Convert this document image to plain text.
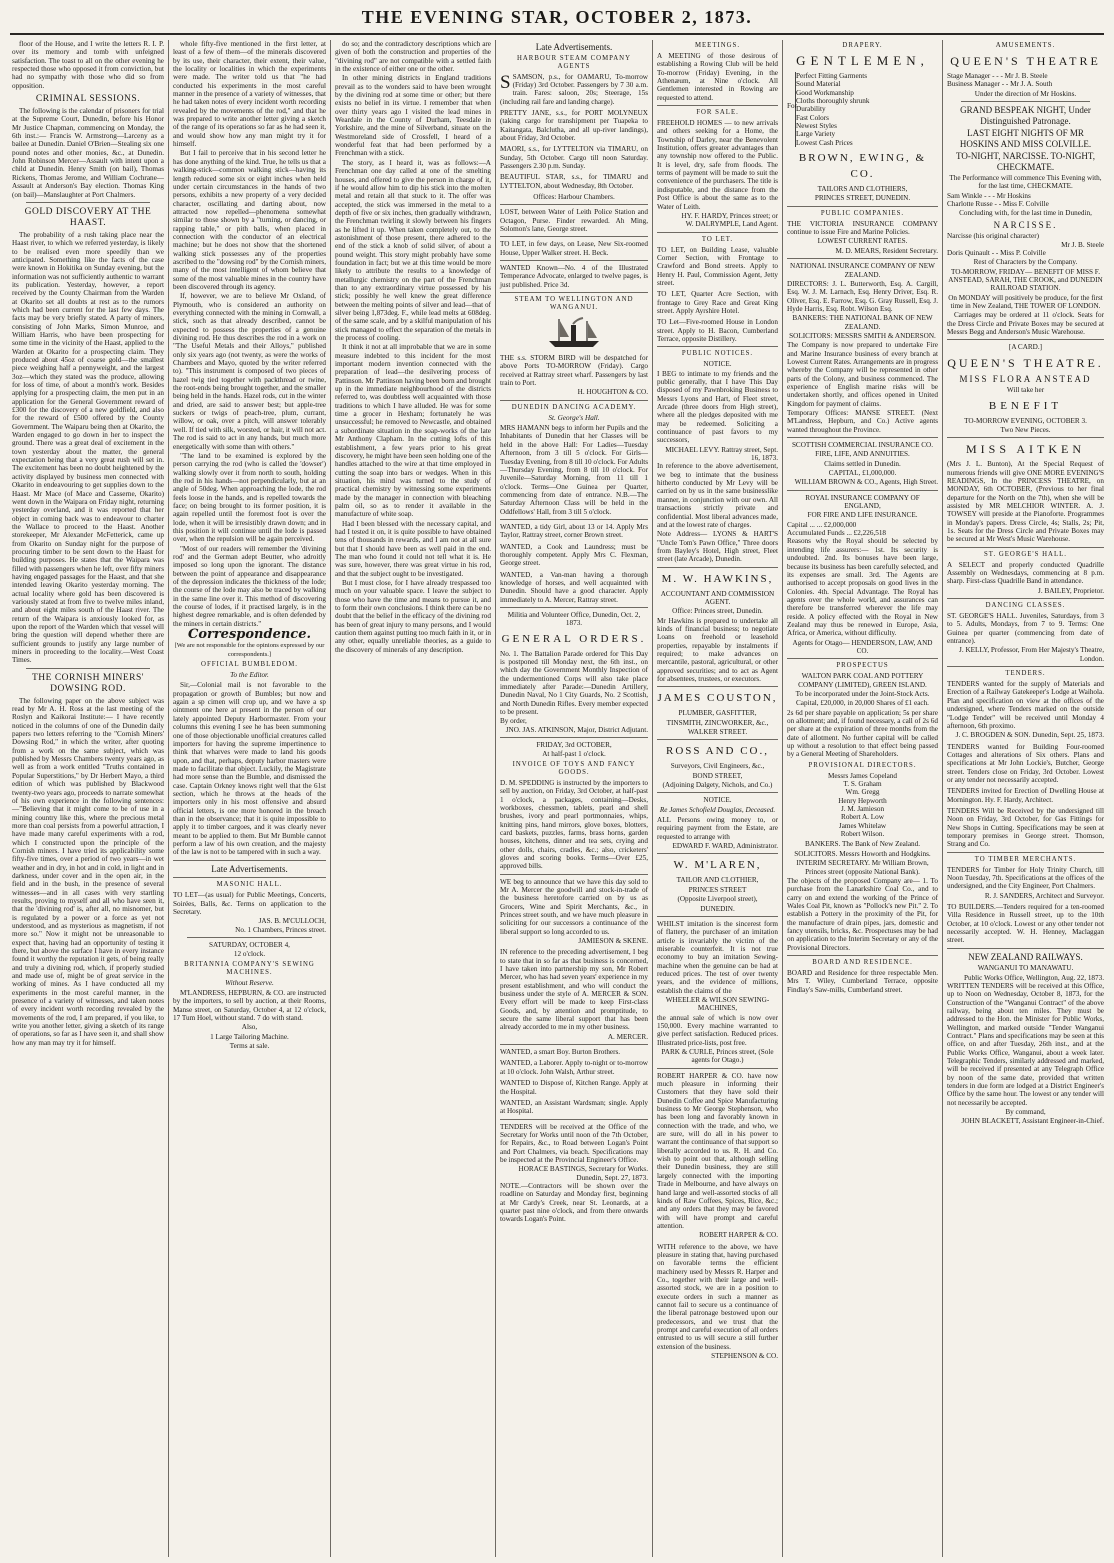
THE EVENING STAR, OCTOBER 2, 1873.

floor of the House, and I write the letters R. I. P. over its memory and tomb with unfeigned satisfaction. The toast to all on the other evening he respected those who opposed it from conviction, but had no sympathy with those who did so from opposition.

CRIMINAL SESSIONS.

The following is the calendar of prisoners for trial at the Supreme Court, Dunedin, before his Honor Mr Justice Chapman, commencing on Monday, the 6th inst.:— Francis W. Armstrong—Larceny as a bailee at Dunedin. Daniel O'Brien—Stealing six one pound notes and other monies, &c., at Dunedin. John Robinson Mercer—Assault with intent upon a child at Dunedin. Henry Smith (on bail), Thomas Rickens, Thomas Jerome, and William Cochrane—Assault at Anderson's Bay election. Thomas King (on bail)—Manslaughter at Port Chalmers.

GOLD DISCOVERY AT THE HAAST.

The probability of a rush taking place near the Haast river, to which we referred yesterday, is likely to be realised even more speedily than we anticipated. Something like the facts of the case were known in Hokitika on Sunday evening, but the information was not sufficiently authentic to warrant its publication. Yesterday, however, a report received by the County Chairman from the Warden at Okarito set all doubts at rest as to the rumors which had been current for the last few days. The facts may be very briefly stated. A party of miners, consisting of John Marks, Simon Munroe, and William Harris, who have been prospecting for some time in the vicinity of the Haast, applied to the Warden at Okarito for a prospecting claim. They produced about 45oz of coarse gold—the smallest piece weighing half a pennyweight, and the largest 3oz—which they stated was the produce, allowing for loss of time, of about a month's work. Besides applying for a prospecting claim, the men put in an application for the General Government reward of £300 for the discovery of a new goldfield, and also for the reward of £500 offered by the County Government. The Waiparu being then at Okarito, the Warden engaged to go down in her to inspect the ground. There was a great deal of excitement in the town yesterday about the matter, the general expectation being that a very great rush will set in. The excitement has been no doubt heightened by the activity displayed by business men connected with Okarito in endeavouring to get supplies down to the Haast. Mr Mace (of Mace and Casserne, Okarito) went down in the Waipara on Friday night, returning yesterday overland, and it was reported that her object in coming back was to endeavour to charter the Wallace to proceed to the Haast. Another storekeeper, Mr Alexander McFetterick, came up from Okarito on Sunday night for the purpose of procuring timber to be sent down to the Haast for building purposes. He states that the Waipara was filled with passengers when he left, over fifty miners having engaged passages for the Haast, and that she intended leaving Okarito yesterday morning. The actual locality where gold has been discovered is variously stated at from five to twelve miles inland, and about eight miles south of the Haast river. The return of the Waipara is anxiously looked for, as upon the report of the Warden which that vessel will bring the question will depend whether there are sufficient grounds to justify any large number of miners in proceeding to the locality.—West Coast Times.

THE CORNISH MINERS' DOWSING ROD.

The following paper on the above subject was read by Mr A. H. Ross at the last meeting of the Roslyn and Kaikorai Institute:— I have recently noticed in the columns of one of the Dunedin daily papers two letters referring to the "Cornish Miners' Dowsing Rod," in which the writer, after quoting from a work on the same subject, which was published by Messrs Chambers twenty years ago, as well as from a work entitled "Truths contained in Popular Superstitions," by Dr Herbert Mayo, a third edition of which was published by Blackwood twenty-two years ago, proceeds to narrate somewhat of his own experience in the following sentences:—"Believing that it might come to be of use in a mining country like this, where the precious metal more than coal persists from a powerful attraction, I have made many careful experiments with a rod, which I constructed upon the principle of the Cornish miners. I have tried its applicability some fifty-five times, over a period of two years—in wet weather and in dry, in hot and in cold, in light and in darkness, under cover and in the open air, in the field and in the bush, in the presence of several witnesses—and in all cases with very startling results, proving to myself and all who have seen it, that the 'divining rod' is, after all, no misnomer, but is regulated by a power or a force as yet not understood, and as mysterious as magnetism, if not more so." Now it might not be unreasonable to expect that, having had an opportunity of testing it there, but above the surface I have in every instance found it worthy the reputation it gets, of being really and truly a divining rod, which, if properly studied and made use of, might be of great service in the working of mines. As I have conducted all my experiments in the most careful manner, in the presence of a variety of witnesses, and taken notes of every incident worth recording revealed by the movements of the rod, I am prepared, if you like, to write you another letter, giving a sketch of its range of operations, so far as I have seen it, and shall show how any man may try it for himself.

whole fifty-five mentioned in the first letter, at least of a few of them—of the minerals discovered by its use, their character, their extent, their value, the locality or localities in which the experiments were made. The writer told us that "he had conducted his experiments in the most careful manner in the presence of a variety of witnesses, that he had taken notes of every incident worth recording revealed by the movements of the rod," and that he was prepared to write another letter giving a sketch of the range of its operations so far as he had seen it, and would show how any man might try it for himself.

But I fail to perceive that in his second letter he has done anything of the kind. True, he tells us that a walking-stick—common walking stick—having its length reduced some six or eight inches when held under certain circumstances in the hands of two persons, exhibits a new property of a very decided character, oscillating and darting about, now attracted now repelled—phenomena somewhat similar to those shown by a "turning, or dancing, or rapping table," or pith balls, when placed in connection with the conductor of an electrical machine; but he does not show that the shortened walking stick possesses any of the properties ascribed to the "dowsing rod" by the Cornish miners, many of the most intelligent of whom believe that some of the most valuable mines in the country have been discovered through its agency.

If, however, we are to believe Mr Oxland, of Plymouth, who is considered an authority on everything connected with the mining in Cornwall, a stick, such as that already described, cannot be expected to possess the properties of a genuine divining rod. He thus describes the rod in a work on "The Useful Metals and their Alloys," published only six years ago (not twenty, as were the works of Chambers and Mayo, quoted by the writer referred to). "This instrument is composed of two pieces of hazel twig tied together with packthread or twine, the root-ends being brought together, and the smaller being held in the hands. Hazel rods, cut in the winter and dried, are said to answer best; but apple-tree suckers or twigs of peach-tree, plum, currant, willow, or oak, over a pitch, will answer tolerably well. If tied with silk, worsted, or hair, it will not act. The rod is said to act in any hands, but much more energetically with some than with others."

"The land to be examined is explored by the person carrying the rod (who is called the 'dowser') walking slowly over it from north to south, holding the rod in his hands—not perpendicularly, but at an angle of 50deg. When approaching the lode, the rod feels loose in the hands, and is repelled towards the face; on being brought to its former position, it is again repelled until the foremost foot is over the lode, when it will be irresistibly drawn down; and in this position it will continue until the lode is passed over, when the repulsion will be again perceived.

"Most of our readers will remember the 'divining rod' and the German adept Beutter, who adroitly imposed so long upon the ignorant. The distance between the point of appearance and disappearance of the depression indicates the thickness of the lode; the course of the lode may also be traced by walking in the same line over it. This method of discovering the course of lodes, if it practised largely, is in the highest degree remarkable, and is often defended by the miners in certain districts."

Correspondence.
[We are not responsible for the opinions expressed by our correspondents.]
OFFICIAL BUMBLEDOM.
To the Editor.

Sir,—Colonial mail is not favorable to the propagation or growth of Bumbles; but now and again a sp cimen will crop up, and we have a sp ointment one here at present in the person of our lately appointed Deputy Harbormaster. From your columns this evening I see he has been summoning one of those objectionable unofficial creatures called importers for having the supreme impertinence to think that wharves were made to land his goods upon, and that, perhaps, deputy harbor masters were made to facilitate that object. Luckily, the Magistrate had more sense than the Bumble, and dismissed the case. Captain Orkney knows right well that the 61st section, which he throws at the heads of the importers only in his most offensive and absurd official letters, is one more honored in the breach than in the observance; that it is quite impossible to apply it to timber cargoes, and it was clearly never meant to be applied to them. But Mr Bumble cannot perform a law of his own creation, and the majesty of the law is not to be tampered with in such a way.

Late Advertisements.
MASONIC HALL.

TO LET—(as usual) for Public Meetings, Concerts, Soirées, Balls, &c. Terms on application to the Secretary.

JAS. B. M'CULLOCH,
No. 1 Chambers, Princes street.
SATURDAY, OCTOBER 4,
12 o'clock.
BRITANNIA COMPANY'S SEWING MACHINES.
Without Reserve.

M'LANDRESS, HEPBURN, & CO. are instructed by the importers, to sell by auction, at their Rooms, Manse street, on Saturday, October 4, at 12 o'clock, 17 Tum Hoel, without stand. 7 do with stand.

Also,
1 Large Tailoring Machine.
Terms at sale.

do so; and the contradictory descriptions which are given of both the construction and properties of the "divining rod" are not compatible with a settled faith in the existence of either one or the other.

In other mining districts in England traditions prevail as to the wonders said to have been wrought by the divining rod at some time or other; but there exists no belief in its virtue. I remember that when over thirty years ago I visited the lead mines in Weardale in the County of Durham, Teesdale in Yorkshire, and the mine of Silverband, situate on the Westmoreland side of Crossfell, I heard of a wonderful feat that had been performed by a Frenchman with a stick.

The story, as I heard it, was as follows:—A Frenchman one day called at one of the smelting houses, and offered to give the person in charge of it, if he would allow him to dip his stick into the molten metal and retain all that stuck to it. The offer was accepted, the stick was immersed in the metal to a depth of five or six inches, then gradually withdrawn, the Frenchman twirling it slowly between his fingers as he lifted it up. When taken completely out, to the astonishment of those present, there adhered to the end of the stick a knob of solid silver, of about a pound weight. This story might probably have some foundation in fact; but we at this time would be more likely to attribute the results to a knowledge of metallurgic chemistry on the part of the Frenchman than to any extraordinary virtue possessed by his stick; possibly he well knew the great difference between the melting points of silver and lead—that of silver being 1,873deg. F., while lead melts at 608deg. of the same scale, and by a skilful manipulation of his stick managed to effect the separation of the metals in the process of cooling.

It think it not at all improbable that we are in some measure indebted to this incident for the most important modern invention connected with the preparation of lead—the desilvering process of Pattinson. Mr Pattinson having been born and brought up in the immediate neighbourhood of the districts referred to, was doubtless well acquainted with those traditions to which I have alluded. He was for some time a grocer in Hexham; fortunately he was unsuccessful; he removed to Newcastle, and obtained a subordinate situation in the soap-works of the late Mr Anthony Clapham. In the cutting lofts of this establishment, a few years prior to his great discovery, he might have been seen holding one of the handles attached to the wire at that time employed in cutting the soap into bars or wedges. When in this situation, his mind was turned to the study of practical chemistry by witnessing some experiments made by the manager in connection with bleaching palm oil, so as to render it available in the manufacture of white soap.

Had I been blessed with the necessary capital, and had I tested it on, it is quite possible to have obtained tens of thousands in rewards, and I am not at all sure but that I should have been as well paid in the end. The man who found it could not tell what it is. He was sure, however, there was great virtue in his rod, and that the subject ought to be investigated.

But I must close, for I have already trespassed too much on your valuable space. I leave the subject to those who have the time and means to pursue it, and to form their own conclusions. I think there can be no doubt that the belief in the efficacy of the divining rod has been of great injury to many persons, and I would caution them against putting too much faith in it, or in any other, equally unreliable theories, as a guide to the discovery of minerals of any description.

Late Advertisements.
HARBOUR STEAM COMPANY AGENTS
S SAMSON, p.s., for OAMARU, To-morrow (Friday) 3rd October. Passengers by 7 30 a.m. train. Fares: saloon, 20s; Steerage, 15s (including rail fare and landing charge).

PRETTY JANE, s.s., for PORT MOLYNEUX (taking cargo for transhipment per Tuapeka to Kaitangata, Balclutha, and all up-river landings), about Friday, 3rd October.

MAORI, s.s., for LYTTELTON via TIMARU, on Sunday, 5th October. Cargo till noon Saturday. Passengers 2.30 p.m. Sunday.

BEAUTIFUL STAR, s.s., for TIMARU and LYTTELTON, about Wednesday, 8th October.

Offices: Harbour Chambers.

LOST, between Water of Leith Police Station and Octagon, Purse. Finder rewarded. Ah Ming, Solomon's lane, George street.

TO LET, in few days, on Lease, New Six-roomed House, Upper Walker street. H. Beck.

WANTED Known—No. 4 of the Illustrated Temperance Advocate, enlarged to twelve pages, is just published. Price 3d.

STEAM TO WELLINGTON AND WANGANUI.

THE s.s. STORM BIRD will be despatched for above Ports TO-MORROW (Friday). Cargo received at Rattray street wharf. Passengers by last train to Port.

H. HOUGHTON & CO.
DUNEDIN DANCING ACADEMY.
St. George's Hall.

MRS HAMANN begs to inform her Pupils and the Inhabitants of Dunedin that her Classes will be held in the above Hall: For Ladies—Tuesday Afternoon, from 3 till 5 o'clock. For Girls—Tuesday Evening, from 8 till 10 o'clock. For Adults—Thursday Evening, from 8 till 10 o'clock. For Juvenile—Saturday Morning, from 11 till 1 o'clock. Terms—One Guinea per Quarter, commencing from date of entrance. N.B.—The Saturday Afternoon Class will be held in the Oddfellows' Hall, from 3 till 5 o'clock.

WANTED, a tidy Girl, about 13 or 14. Apply Mrs Taylor, Rattray street, corner Brown street.

WANTED, a Cook and Laundress; must be thoroughly competent. Apply Mrs C. Flexman, George street.

WANTED, a Van-man having a thorough knowledge of horses, and well acquainted with Dunedin. Should have a good character. Apply immediately to A. Mercer, Rattray street.

Militia and Volunteer Office, Dunedin, Oct. 2, 1873.
GENERAL ORDERS.

No. 1. The Battalion Parade ordered for This Day is postponed till Monday next, the 6th inst., on which day the Government Monthly Inspection of the undermentioned Corps will also take place immediately after Parade:—Dunedin Artillery, Dunedin Naval, No 1 City Guards, No. 2 Scottish, and North Dunedin Rifles. Every member expected to be present.

By order,
JNO. JAS. ATKINSON, Major, District Adjutant.
FRIDAY, 3rd OCTOBER,
At half-past 1 o'clock.
INVOICE OF TOYS AND FANCY GOODS.

D. M. SPEDDING is instructed by the importers to sell by auction, on Friday, 3rd October, at half-past 1 o'clock, a packages, containing—Desks, workboxes, chessmen, tablets, pearl and shell brushes, ivory and pearl portmonnaies, whips, knitting pins, hand mirrors, glove boxes, blotters, card baskets, puzzles, farms, brass horns, garden houses, kitchens, dinner and tea sets, crying and other dolls, chairs, cradles, &c.; also, cricketers' gloves and scoring books. Terms—Over £25, approved bills.

WE beg to announce that we have this day sold to Mr A. Mercer the goodwill and stock-in-trade of the business heretofore carried on by us as Grocers, Wine and Spirit Merchants, &c., in Princes street south, and we have much pleasure in soliciting for our successors a continuance of the liberal support so long accorded to us.

JAMIESON & SKENE.

IN reference to the preceding advertisement, I beg to state that in so far as that business is concerned, I have taken into partnership my son, Mr Robert Mercer, who has had seven years' experience in my present establishment, and who will conduct the business under the style of A. MERCER & SON. Every effort will be made to keep First-class Goods, and, by attention and promptitude, to secure the same liberal support that has been already accorded to me in my other business.

A. MERCER.

WANTED, a smart Boy. Burton Brothers.

WANTED, a Laborer. Apply to-night or to-morrow at 10 o'clock. John Walsh, Arthur street.

WANTED to Dispose of, Kitchen Range. Apply at the Hospital.

WANTED, an Assistant Wardsman; single. Apply at Hospital.

TENDERS will be received at the Office of the Secretary for Works until noon of the 7th October, for Repairs, &c., to Road between Logan's Point and Port Chalmers, via beach. Specifications may be inspected at the Provincial Engineer's Office.

HORACE BASTINGS, Secretary for Works. Dunedin, Sept. 27, 1873.

NOTE.—Contractors will be shown over the roadline on Saturday and Monday first, beginning at Mr Cardy's Creek, near St. Leonards, at a quarter past nine o'clock, and from there onwards towards Logan's Point.

MEETINGS.

A MEETING of those desirous of establishing a Rowing Club will be held To-morrow (Friday) Evening, in the Athenæum, at Nine o'clock. All Gentlemen interested in Rowing are requested to attend.

FOR SALE.

FREEHOLD HOMES — to new arrivals and others seeking for a Home, the Township of Darley, near the Benevolent Institution, offers greater advantages than any township now offered to the Public. It is level, dry, safe from floods. The terms of payment will be made to suit the convenience of the purchasers. The title is indisputable, and the distance from the Post Office is about the same as to the Water of Leith.

HY. F. HARDY, Princes street; or
W. DALRYMPLE, Land Agent.
TO LET.

TO LET, on Building Lease, valuable Corner Section, with Frontage to Crawford and Bond streets. Apply to Henry H. Paul, Commission Agent, Jetty street.

TO LET, Quarter Acre Section, with frontage to Grey Race and Great King street. Apply Ayrshire Hotel.

TO Let—Five-roomed House in London street. Apply to H. Bacon, Cumberland Terrace, opposite Distillery.

PUBLIC NOTICES.
NOTICE.

I BEG to intimate to my friends and the public generally, that I have This Day disposed of my Pawnbroking Business to Messrs Lyons and Hart, of Fleet street, Arcade (three doors from High street), where all the pledges deposited with me may be redeemed. Soliciting a continuance of past favors to my successors,

MICHAEL LEVY. Rattray street, Sept. 16, 1873.

In reference to the above advertisement, we beg to intimate that the business hitherto conducted by Mr Levy will be carried on by us in the same businesslike manner, in conjunction with our own. All transactions strictly private and confidential. Most liberal advances made, and at the lowest rate of charges.

Note Address— LYONS & HART'S "Uncle Tom's Pawn Office," Three doors from Bayley's Hotel, High street, Fleet street (late Arcade), Dunedin.

M. W. HAWKINS,
ACCOUNTANT AND COMMISSION AGENT.
Office: Princes street, Dunedin.

Mr Hawkins is prepared to undertake all kinds of financial business; to negotiate Loans on freehold or leasehold properties, repayable by instalments if required; to make advances on mercantile, pastoral, agricultural, or other approved securities; and to act as Agent for absentees, trustees, or executors.

JAMES COUSTON,
PLUMBER, GASFITTER,
TINSMITH, ZINCWORKER, &c.,
WALKER STREET.
ROSS AND CO.,
Surveyors, Civil Engineers, &c.,
BOND STREET,
(Adjoining Dalgety, Nichols, and Co.)
NOTICE.
Re James Schofield Douglas, Deceased.

ALL Persons owing money to, or requiring payment from the Estate, are requested to arrange with

EDWARD F. WARD, Administrator.
W. M'LAREN,
TAILOR AND CLOTHIER,
PRINCES STREET
(Opposite Liverpool street),
DUNEDIN.

WHILST imitation is the sincerest form of flattery, the purchaser of an imitation article is invariably the victim of the miserable counterfeit. It is not true economy to buy an imitation Sewing-machine when the genuine can be had at reduced prices. The test of over twenty years, and the evidence of millions, establish the claims of the

WHEELER & WILSON SEWING-MACHINES,

the annual sale of which is now over 150,000. Every machine warranted to give perfect satisfaction. Reduced prices. Illustrated price-lists, post free.

PARK & CURLE, Princes street, (Sole agents for Otago.)

ROBERT HARPER & CO. have now much pleasure in informing their Customers that they have sold their Dunedin Coffee and Spice Manufacturing business to Mr George Stephenson, who has been long and favorably known in connection with the trade, and who, we are sure, will do all in his power to warrant the continuance of that support so liberally accorded to us. R. H. and Co. wish to point out that, although selling their Dunedin business, they are still largely connected with the importing Trade in Melbourne, and have always on hand large and well-assorted stocks of all kinds of Raw Coffees, Spices, Rice, &c.; and any orders that they may be favored with will have prompt and careful attention.

ROBERT HARPER & CO.

WITH reference to the above, we have pleasure in stating that, having purchased on favorable terms the efficient machinery used by Messrs R. Harper and Co., together with their large and well-assorted stock, we are in a position to execute orders in such a manner as cannot fail to secure us a continuance of the liberal patronage bestowed upon our predecessors, and we trust that the prompt and careful execution of all orders entrusted to us will secure a still further extension of the business.

STEPHENSON & CO.
DRAPERY.
GENTLEMEN,
For
Perfect Fitting Garments
Sound Material
Good Workmanship
Cloths thoroughly shrunk
Durability
Fast Colors
Newest Styles
Large Variety
Lowest Cash Prices
BROWN, EWING, & CO.
TAILORS AND CLOTHIERS,
PRINCES STREET, DUNEDIN.
PUBLIC COMPANIES.

THE VICTORIA INSURANCE COMPANY continue to issue Fire and Marine Policies.

LOWEST CURRENT RATES.
M. D. MEARS, Resident Secretary.
NATIONAL INSURANCE COMPANY OF NEW ZEALAND.

DIRECTORS: J. L. Butterworth, Esq. A. Cargill, Esq. W. J. M. Larnach, Esq. Henry Driver, Esq. R. Oliver, Esq. E. Farrow, Esq. G. Gray Russell, Esq. J. Hyde Harris, Esq. Robt. Wilson Esq.

BANKERS: THE NATIONAL BANK OF NEW ZEALAND.
SOLICITORS: MESSRS SMITH & ANDERSON.

The Company is now prepared to undertake Fire and Marine Insurance business of every branch at Lowest Current Rates. Arrangements are in progress whereby the Company will be represented in other parts of the Colony, and business commenced. The experience of English marine risks will be undertaken shortly, and offices opened in United Kingdom for payment of claims.

Temporary Offices: MANSE STREET. (Next M'Landress, Hepburn, and Co.) Active agents wanted throughout the Province.

SCOTTISH COMMERCIAL INSURANCE CO.
FIRE, LIFE, AND ANNUITIES.
Claims settled in Dunedin.
CAPITAL, £1,000,000.
WILLIAM BROWN & CO., Agents, High Street.
ROYAL INSURANCE COMPANY OF ENGLAND,
FOR FIRE AND LIFE INSURANCE.
Capital ... ... £2,000,000
Accumulated Funds ... £2,226,518

Reasons why the Royal should be selected by intending life assurers:— 1st. Its security is undoubted. 2nd. Its bonuses have been large, because its business has been carefully selected, and its expenses are small. 3rd. The Agents are authorised to accept proposals on good lives in the Colonies. 4th. Special Advantage. The Royal has agents over the whole world, and assurances can therefore be transferred wherever the life may reside. A policy effected with the Royal in New Zealand may thus be renewed in Europe, Asia, Africa, or America, without difficulty.

Agents for Otago— HENDERSON, LAW, AND CO.
PROSPECTUS
WALTON PARK COAL AND POTTERY COMPANY (LIMITED), GREEN ISLAND.
To be incorporated under the Joint-Stock Acts.
Capital, £20,000, in 20,000 Shares of £1 each.

2s 6d per share payable on application; 5s per share on allotment; and, if found necessary, a call of 2s 6d per share at the expiration of three months from the date of allotment. No further capital will be called up without a resolution to that effect being passed by a General Meeting of Shareholders.

PROVISIONAL DIRECTORS.
Messrs James Copeland
T. S. Graham
Wm. Gregg
Henry Hepworth
J. M. Jamieson
Robert A. Low
James Whitelaw
Robert Wilson.
BANKERS. The Bank of New Zealand.
SOLICITORS. Messrs Howorth and Hodgkins.
INTERIM SECRETARY. Mr William Brown, Princes street (opposite National Bank).

The objects of the proposed Company are— 1. To purchase from the Lanarkshire Coal Co., and to carry on and extend the working of the Prince of Wales Coal Pit, known as "Pollock's new Pit." 2. To establish a Pottery in the proximity of the Pit, for the manufacture of drain pipes, jars, domestic and fancy utensils, bricks, &c. Prospectuses may be had on application to the Interim Secretary or any of the Provisional Directors.

BOARD AND RESIDENCE.

BOARD and Residence for three respectable Men. Mrs T. Wiley, Cumberland Terrace, opposite Findlay's Saw-mills, Cumberland street.

AMUSEMENTS.
QUEEN'S THEATRE
Stage Manager - - - Mr J. B. Steele
Business Manager - - Mr J. A. South
Under the direction of Mr Hoskins.
GRAND BESPEAK NIGHT, Under Distinguished Patronage.
LAST EIGHT NIGHTS OF MR HOSKINS AND MISS COLVILLE.
TO-NIGHT, NARCISSE. TO-NIGHT, CHECKMATE.
The Performance will commence This Evening with, for the last time, CHECKMATE.
Sam Winkle - - - Mr Hoskins
Charlotte Russe - - Miss F. Colville
Concluding with, for the last time in Dunedin,
NARCISSE.
Narcisse (his original character)
Mr J. B. Steele
Doris Quinault - - Miss P. Colville
Rest of Characters by the Company.
TO-MORROW, FRIDAY— BENEFIT OF MISS F. ANSTEAD, SARAH, THE CROOK, and DUNEDIN RAILROAD STATION.
On MONDAY will positively be produce, for the first time in New Zealand, THE TOWER OF LONDON.

Carriages may be ordered at 11 o'clock. Seats for the Dress Circle and Private Boxes may be secured at Messrs Begg and Anderson's Music Warehouse.

[A CARD.]
QUEEN'S THEATRE.
MISS FLORA ANSTEAD
Will take her
BENEFIT
TO-MORROW EVENING, OCTOBER 3.
Two New Pieces.
MISS AITKEN

(Mrs J. L. Bunton), At the Special Request of numerous friends will give ONE MORE EVENING'S READINGS, In the PRINCESS THEATRE, on MONDAY, 6th OCTOBER, (Previous to her final departure for the North on the 7th), when she will be assisted by MR MELCHIOR WINTER. A. J. TOWSEY will preside at the Pianoforte. Programmes in Monday's papers. Dress Circle, 4s; Stalls, 2s; Pit, 1s. Seats for the Dress Circle and Private Boxes may be secured at Mr West's Music Warehouse.

ST. GEORGE'S HALL.

A SELECT and properly conducted Quadrille Assembly on Wednesdays, commencing at 8 p.m. sharp. First-class Quadrille Band in attendance.

J. BAILEY, Proprietor.
DANCING CLASSES.

ST. GEORGE'S HALL. Juveniles, Saturdays, from 3 to 5. Adults, Mondays, from 7 to 9. Terms: One Guinea per quarter (commencing from date of entrance).

J. KELLY, Professor, From Her Majesty's Theatre, London.
TENDERS.

TENDERS wanted for the supply of Materials and Erection of a Railway Gatekeeper's Lodge at Waihola. Plan and specification on view at the offices of the undersigned, where Tenders marked on the outside "Lodge Tender" will be received until Monday 4 afternoon, 6th proximo.

J. C. BROGDEN & SON. Dunedin, Sept. 25, 1873.

TENDERS wanted for Building Four-roomed Cottages and alterations of Six others. Plans and specifications at Mr John Lockie's, Butcher, George street. Tenders close on Friday, 3rd October. Lowest or any tender not necessarily accepted.

TENDERS invited for Erection of Dwelling House at Mornington. Hy. F. Hardy, Architect.

TENDERS Will be Received by the undersigned till Noon on Friday, 3rd October, for Gas Fittings for New Shops in Cutting. Specifications may be seen at temporary premises in George street. Thomson, Strang and Co.

TO TIMBER MERCHANTS.

TENDERS for Timber for Holy Trinity Church, till Noon Tuesday, 7th. Specifications at the offices of the undersigned, and the City Engineer, Port Chalmers.

R. J. SANDERS, Architect and Surveyor.

TO BUILDERS.—Tenders required for a ten-roomed Villa Residence in Russell street, up to the 10th October, at 10 o'clock. Lowest or any other tender not necessarily accepted. W. H. Henney, Maclaggan street.

NEW ZEALAND RAILWAYS.
WANGANUI TO MANAWATU.
Public Works Office, Wellington, Aug. 22, 1873.

WRITTEN TENDERS will be received at this Office, up to Noon on Wednesday, October 8, 1873, for the Construction of the "Wanganui Contract" of the above railway, being about ten miles. They must be addressed to the Hon. the Minister for Public Works, Wellington, and marked outside "Tender Wanganui Contract." Plans and specifications may be seen at this office, on and after Tuesday, 26th inst., and at the Public Works Office, Wanganui, about a week later. Telegraphic Tenders, similarly addressed and marked, will be received if presented at any Telegraph Office by noon of the same date, provided that written tenders in due form are lodged at a District Engineer's Office by the same hour. The lowest or any tender will not necessarily be accepted.

By command,
JOHN BLACKETT, Assistant Engineer-in-Chief.
